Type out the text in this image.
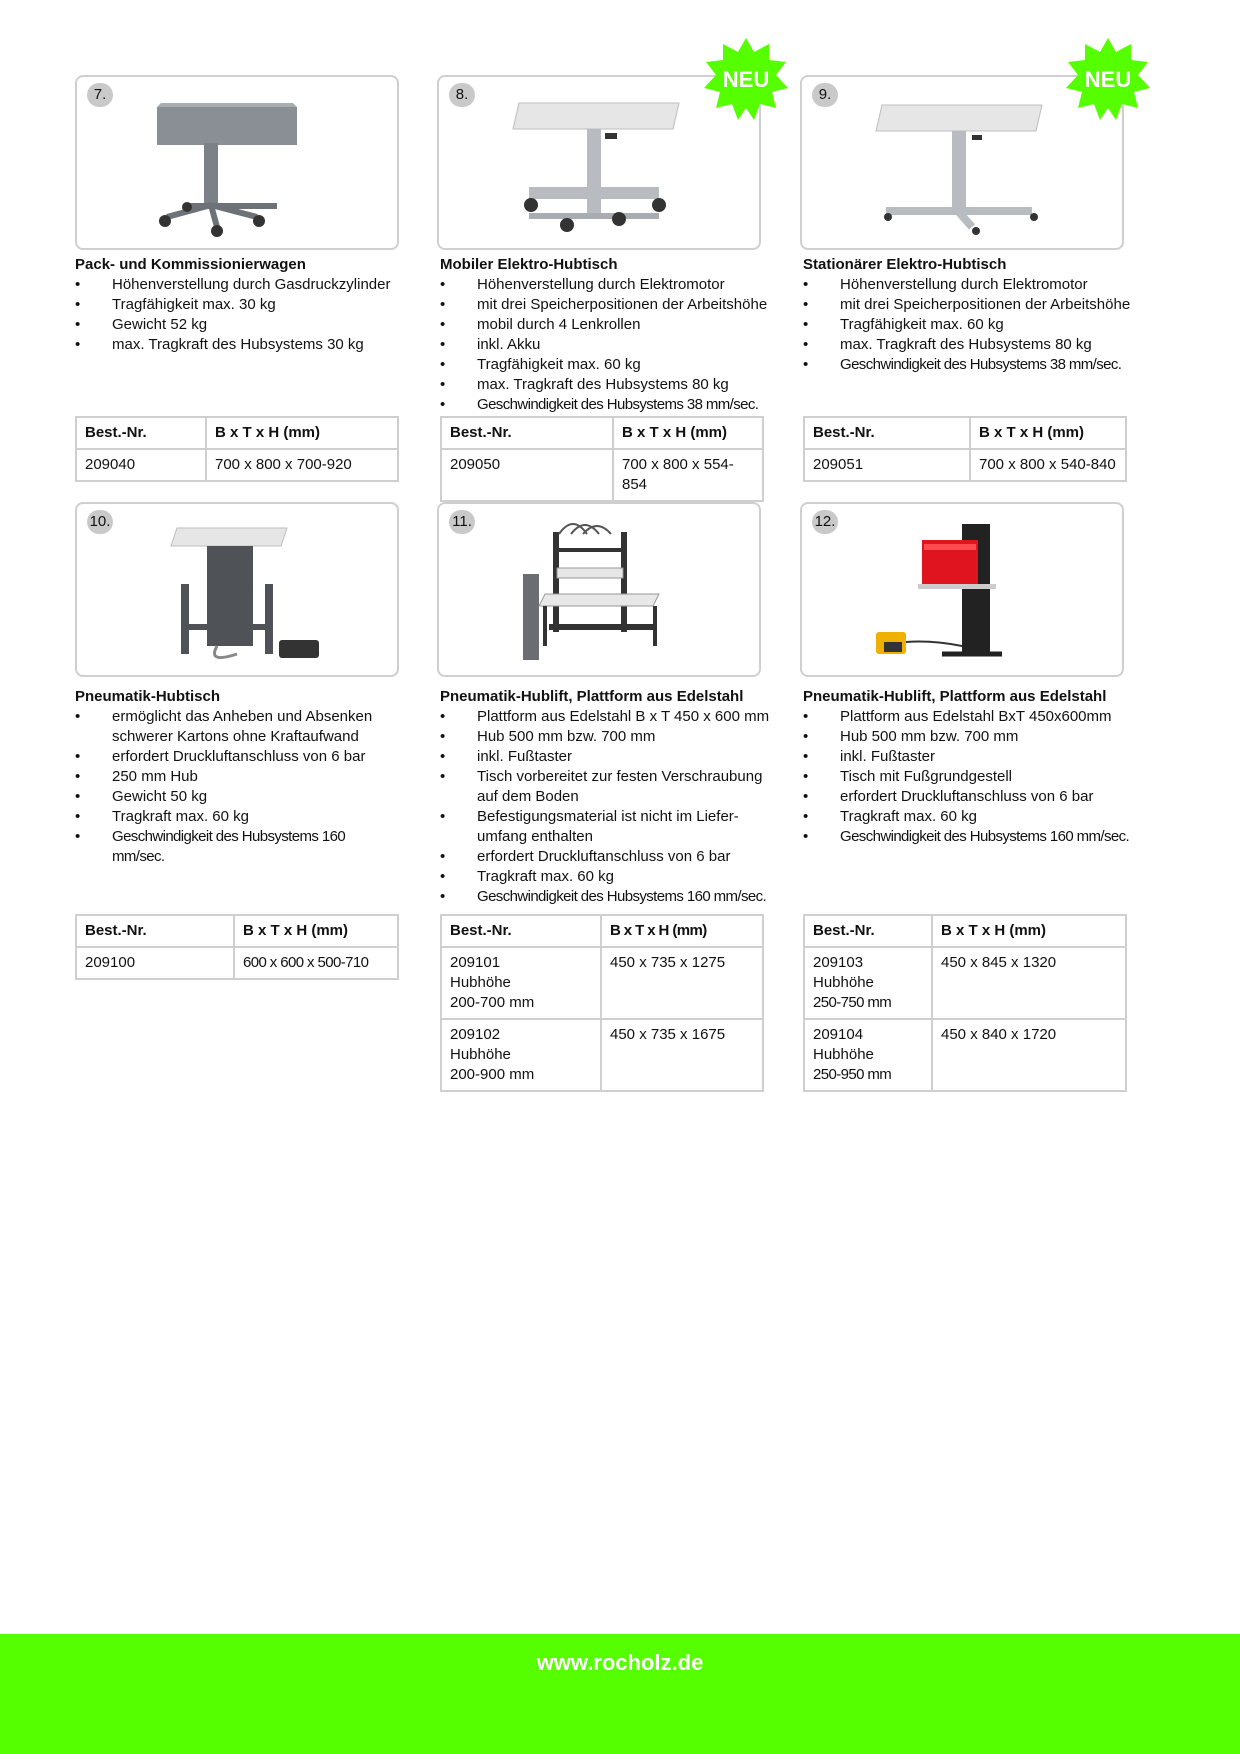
7.	8.
NEU
9.
NEU
Pack- und Kommissionierwagen	Mobiler Elektro-Hubtisch	Stationärer Elektro-Hubtisch
• Höhenverstellung durch Gasdruckzylinder
• Tragfähigkeit max. 30 kg
• Gewicht 52 kg
• max. Tragkraft des Hubsystems 30 kg
• Höhenverstellung durch Elektromotor
• mit drei Speicherpositionen der Arbeitshöhe
• mobil durch 4 Lenkrollen
• inkl. Akku
• Tragfähigkeit max. 60 kg
• max. Tragkraft des Hubsystems 80 kg
• Geschwindigkeit des Hubsystems 38 mm/sec.
• Höhenverstellung durch Elektromotor
• mit drei Speicherpositionen der Arbeitshöhe
• Tragfähigkeit max. 60 kg
• max. Tragkraft des Hubsystems 80 kg
• Geschwindigkeit des Hubsystems 38 mm/sec.
Best.-Nr.	B x T x H (mm)
209040	700 x 800 x 700-920
Best.-Nr.	B x T x H (mm)
209050	700 x 800 x 554-854
Best.-Nr.	B x T x H (mm)
209051	700 x 800 x 540-840
10.	11.	12.
Pneumatik-Hubtisch	Pneumatik-Hublift, Plattform aus Edelstahl	Pneumatik-Hublift, Plattform aus Edelstahl
• ermöglicht das Anheben und Absenken schwerer Kartons ohne Kraftaufwand
• erfordert Druckluftanschluss von 6 bar
• 250 mm Hub
• Gewicht 50 kg
• Tragkraft max. 60 kg
• Geschwindigkeit des Hubsystems 160 mm/sec.
• Plattform aus Edelstahl B x T 450 x 600 mm
• Hub 500 mm bzw. 700 mm
• inkl. Fußtaster
• Tisch vorbereitet zur festen Verschraubung auf dem Boden
• Befestigungsmaterial ist nicht im Liefer-umfang enthalten
• erfordert Druckluftanschluss von 6 bar
• Tragkraft max. 60 kg
• Geschwindigkeit des Hubsystems 160 mm/sec.
• Plattform aus Edelstahl BxT 450x600mm
• Hub 500 mm bzw. 700 mm
• inkl. Fußtaster
• Tisch mit Fußgrundgestell
• erfordert Druckluftanschluss von 6 bar
• Tragkraft max. 60 kg
• Geschwindigkeit des Hubsystems 160 mm/sec.
Best.-Nr.	B x T x H (mm)
209100	600 x 600 x 500-710
Best.-Nr.	B x T x H (mm)

209101
Hubhöhe
200-700 mm	450 x 735 x 1275

209102
Hubhöhe
200-900 mm	450 x 735 x 1675
Best.-Nr.	B x T x H (mm)

209103
Hubhöhe
250-750 mm	450 x 845 x 1320

209104
Hubhöhe
250-950 mm	450 x 840 x 1720
www.rocholz.de
